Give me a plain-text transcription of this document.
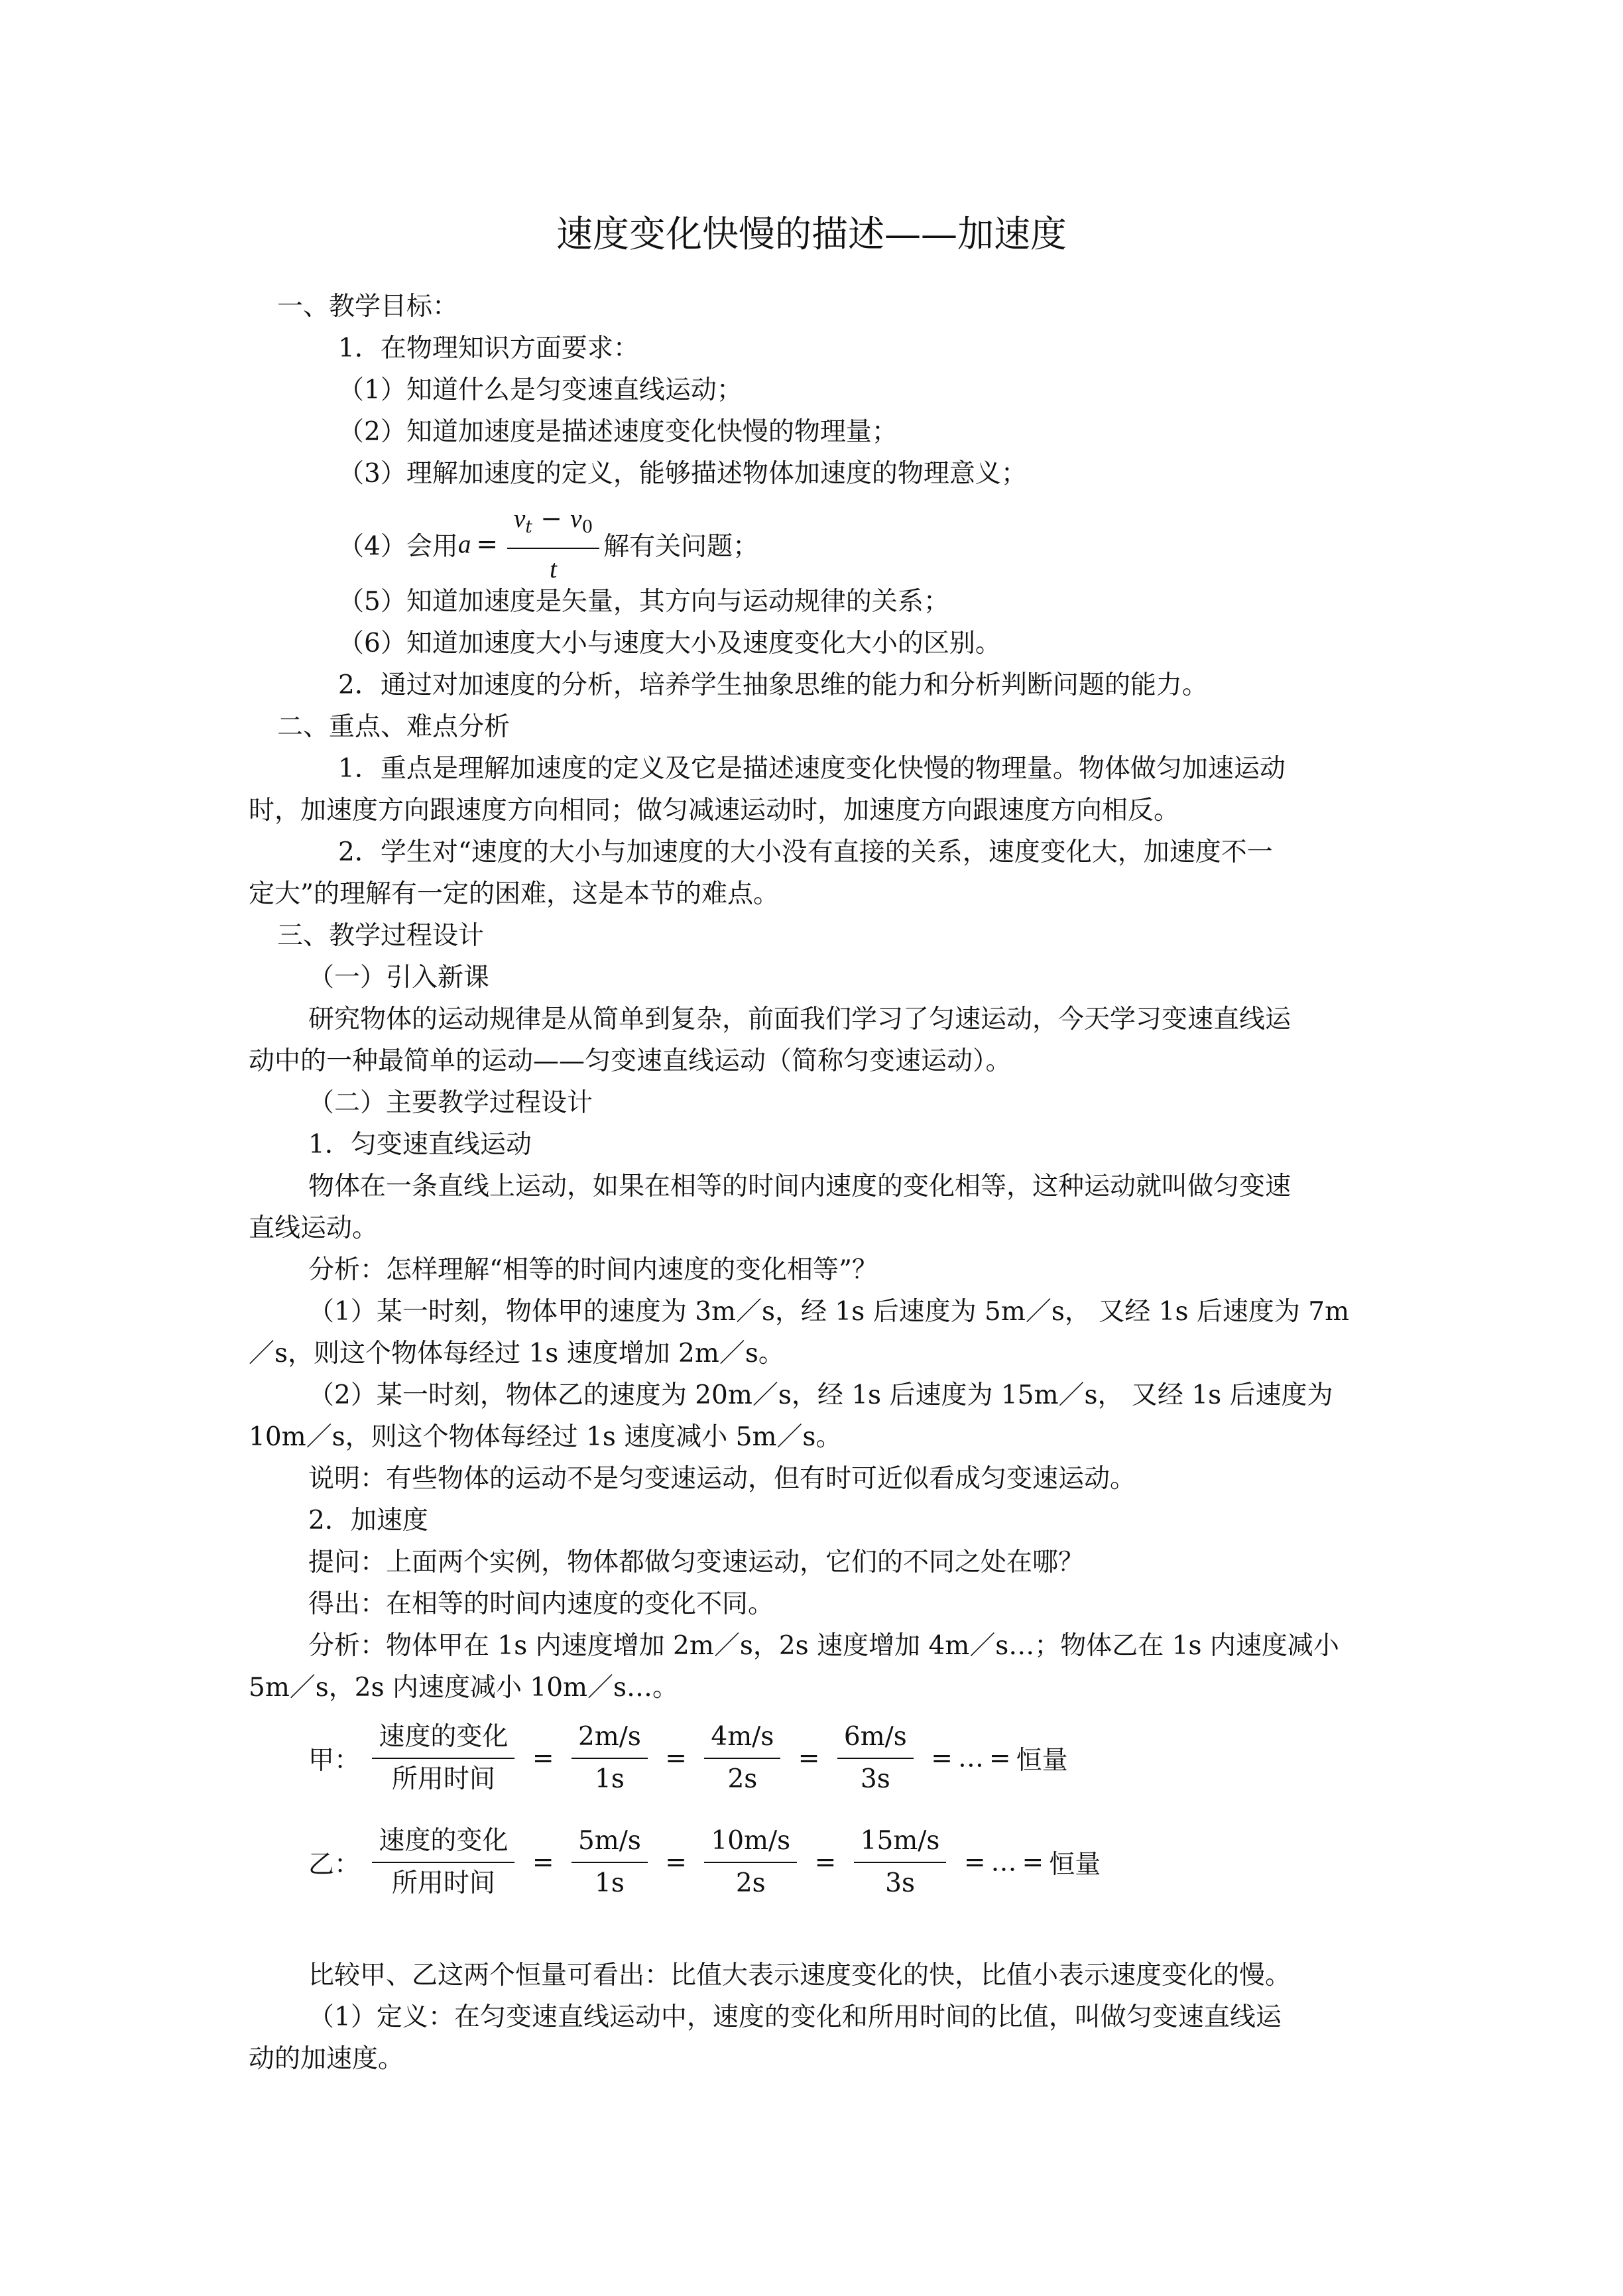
速度变化快慢的描述——加速度
一、教学目标：
1．在物理知识方面要求：
（1）知道什么是匀变速直线运动；
（2）知道加速度是描述速度变化快慢的物理量；
（3）理解加速度的定义，能够描述物体加速度的物理意义；
（4）会用$a = \frac{v_t - v_0}{t}$ 解有关问题；
（5）知道加速度是矢量，其方向与运动规律的关系；
（6）知道加速度大小与速度大小及速度变化大小的区别。
2．通过对加速度的分析，培养学生抽象思维的能力和分析判断问题的能力。
二、重点、难点分析
1．重点是理解加速度的定义及它是描述速度变化快慢的物理量。物体做匀加速运动
时，加速度方向跟速度方向相同；做匀减速运动时，加速度方向跟速度方向相反。
2．学生对“速度的大小与加速度的大小没有直接的关系，速度变化大，加速度不一
定大”的理解有一定的困难，这是本节的难点。
三、教学过程设计
（一）引入新课
研究物体的运动规律是从简单到复杂，前面我们学习了匀速运动，今天学习变速直线运
动中的一种最简单的运动——匀变速直线运动（简称匀变速运动）。
（二）主要教学过程设计
1．匀变速直线运动
物体在一条直线上运动，如果在相等的时间内速度的变化相等，这种运动就叫做匀变速
直线运动。
分析：怎样理解“相等的时间内速度的变化相等”？
（1）某一时刻，物体甲的速度为 3m／s，经 1s 后速度为 5m／s， 又经 1s 后速度为 7m
／s，则这个物体每经过 1s 速度增加 2m／s。
（2）某一时刻，物体乙的速度为 20m／s，经 1s 后速度为 15m／s， 又经 1s 后速度为
10m／s，则这个物体每经过 1s 速度减小 5m／s。
说明：有些物体的运动不是匀变速运动，但有时可近似看成匀变速运动。
2．加速度
提问：上面两个实例，物体都做匀变速运动，它们的不同之处在哪？
得出：在相等的时间内速度的变化不同。
分析：物体甲在 1s 内速度增加 2m／s，2s 速度增加 4m／s…；物体乙在 1s 内速度减小
5m／s，2s 内速度减小 10m／s…。
甲： $\frac{\text{速度的变化}}{\text{所用时间}} = \frac{2m/s}{1s} = \frac{4m/s}{2s} = \frac{6m/s}{3s}$ = … = 恒量
乙： $\frac{\text{速度的变化}}{\text{所用时间}} = \frac{5m/s}{1s} = \frac{10m/s}{2s} = \frac{15m/s}{3s}$ = … = 恒量
比较甲、乙这两个恒量可看出：比值大表示速度变化的快，比值小表示速度变化的慢。
（1）定义：在匀变速直线运动中，速度的变化和所用时间的比值，叫做匀变速直线运
动的加速度。
